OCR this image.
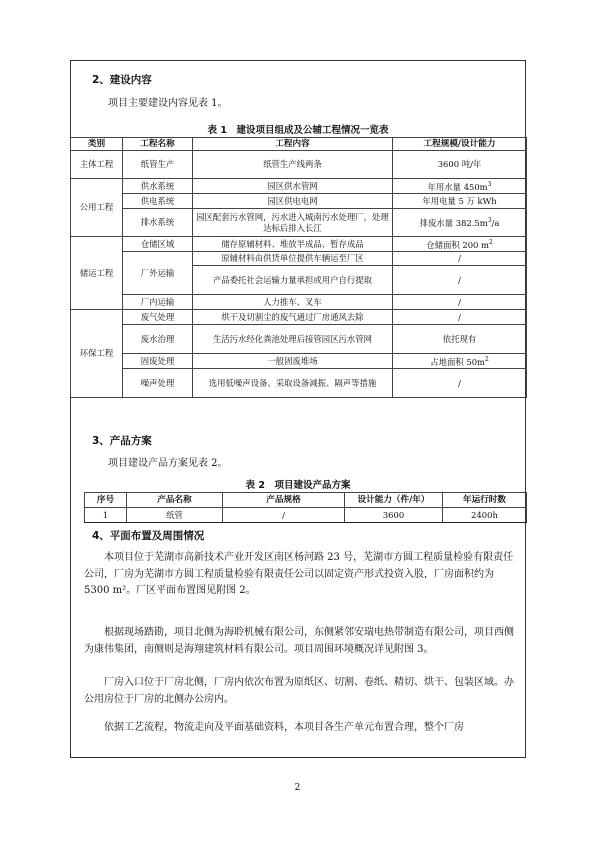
2、建设内容
项目主要建设内容见表 1。
表 1　建设项目组成及公辅工程情况一览表
类别	工程名称	工程内容	工程规模/设计能力
主体工程	纸管生产	纸管生产线两条	3600 吨/年
公用工程	供水系统	园区供水管网	年用水量 $450m^3$
	供电系统	园区供电电网	年用电量 5 万 kWh
	排水系统	园区配套污水管网，污水进入城南污水处理厂，处理达标后排入长江	排废水量 $382.5m^3/a$
储运工程	仓储区域	储存原辅材料、堆放半成品、暂存成品	仓储面积 200 $m^2$
	厂外运输	原辅材料由供货单位提供车辆运至厂区	/
		产品委托社会运输力量承担或用户自行提取	/
	厂内运输	人力推车、叉车	/
环保工程	废气处理	烘干及切割尘的废气通过厂房通风去除	/
	废水治理	生活污水经化粪池处理后接管园区污水管网	依托现有
	固废处理	一般固废堆场	占地面积 $50m^2$
	噪声处理	选用低噪声设备、采取设备减振、隔声等措施	/
3、产品方案
项目建设产品方案见表 2。
表 2　项目建设产品方案
序号	产品名称	产品规格	设计能力（件/年）	年运行时数
1	纸管	/	3600	2400h
4、平面布置及周围情况
本项目位于芜湖市高新技术产业开发区南区杨河路 23 号，芜湖市方圆工程质量检验有限责任公司，厂房为芜湖市方圆工程质量检验有限责任公司以固定资产形式投资入股，厂房面积约为 5300 m²。厂区平面布置图见附图 2。
根据现场踏勘，项目北侧为海聆机械有限公司，东侧紧邻安瑞电热带制造有限公司，项目西侧为康伟集团，南侧则是海翔建筑材料有限公司。项目周围环境概况详见附图 3。
厂房入口位于厂房北侧，厂房内依次布置为原纸区、切割、卷纸、精切、烘干、包装区域。办公用房位于厂房的北侧办公房内。
依据工艺流程，物流走向及平面基础资料，本项目各生产单元布置合理，整个厂房
2
